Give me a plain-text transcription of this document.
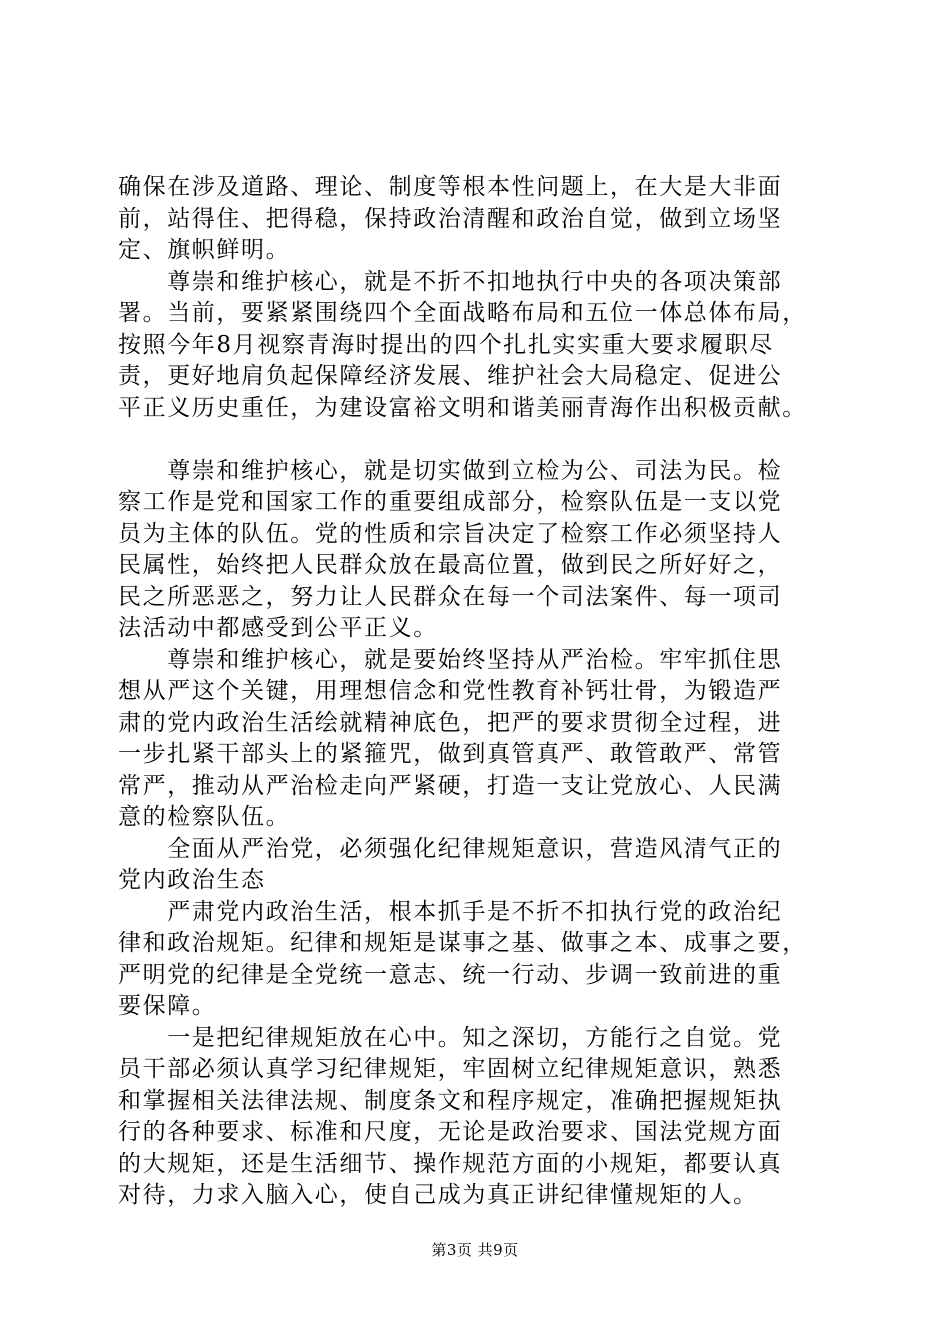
确保在涉及道路、理论、制度等根本性问题上，在大是大非面
前，站得住、把得稳，保持政治清醒和政治自觉，做到立场坚
定、旗帜鲜明。
　　尊崇和维护核心，就是不折不扣地执行中央的各项决策部
署。当前，要紧紧围绕四个全面战略布局和五位一体总体布局，
按照今年8月视察青海时提出的四个扎扎实实重大要求履职尽
责，更好地肩负起保障经济发展、维护社会大局稳定、促进公
平正义历史重任，为建设富裕文明和谐美丽青海作出积极贡献。
　　尊崇和维护核心，就是切实做到立检为公、司法为民。检
察工作是党和国家工作的重要组成部分，检察队伍是一支以党
员为主体的队伍。党的性质和宗旨决定了检察工作必须坚持人
民属性，始终把人民群众放在最高位置，做到民之所好好之，
民之所恶恶之，努力让人民群众在每一个司法案件、每一项司
法活动中都感受到公平正义。
　　尊崇和维护核心，就是要始终坚持从严治检。牢牢抓住思
想从严这个关键，用理想信念和党性教育补钙壮骨，为锻造严
肃的党内政治生活绘就精神底色，把严的要求贯彻全过程，进
一步扎紧干部头上的紧箍咒，做到真管真严、敢管敢严、常管
常严，推动从严治检走向严紧硬，打造一支让党放心、人民满
意的检察队伍。
　　全面从严治党，必须强化纪律规矩意识，营造风清气正的
党内政治生态
　　严肃党内政治生活，根本抓手是不折不扣执行党的政治纪
律和政治规矩。纪律和规矩是谋事之基、做事之本、成事之要，
严明党的纪律是全党统一意志、统一行动、步调一致前进的重
要保障。
　　一是把纪律规矩放在心中。知之深切，方能行之自觉。党
员干部必须认真学习纪律规矩，牢固树立纪律规矩意识，熟悉
和掌握相关法律法规、制度条文和程序规定，准确把握规矩执
行的各种要求、标准和尺度，无论是政治要求、国法党规方面
的大规矩，还是生活细节、操作规范方面的小规矩，都要认真
对待，力求入脑入心，使自己成为真正讲纪律懂规矩的人。
第3页 共9页
